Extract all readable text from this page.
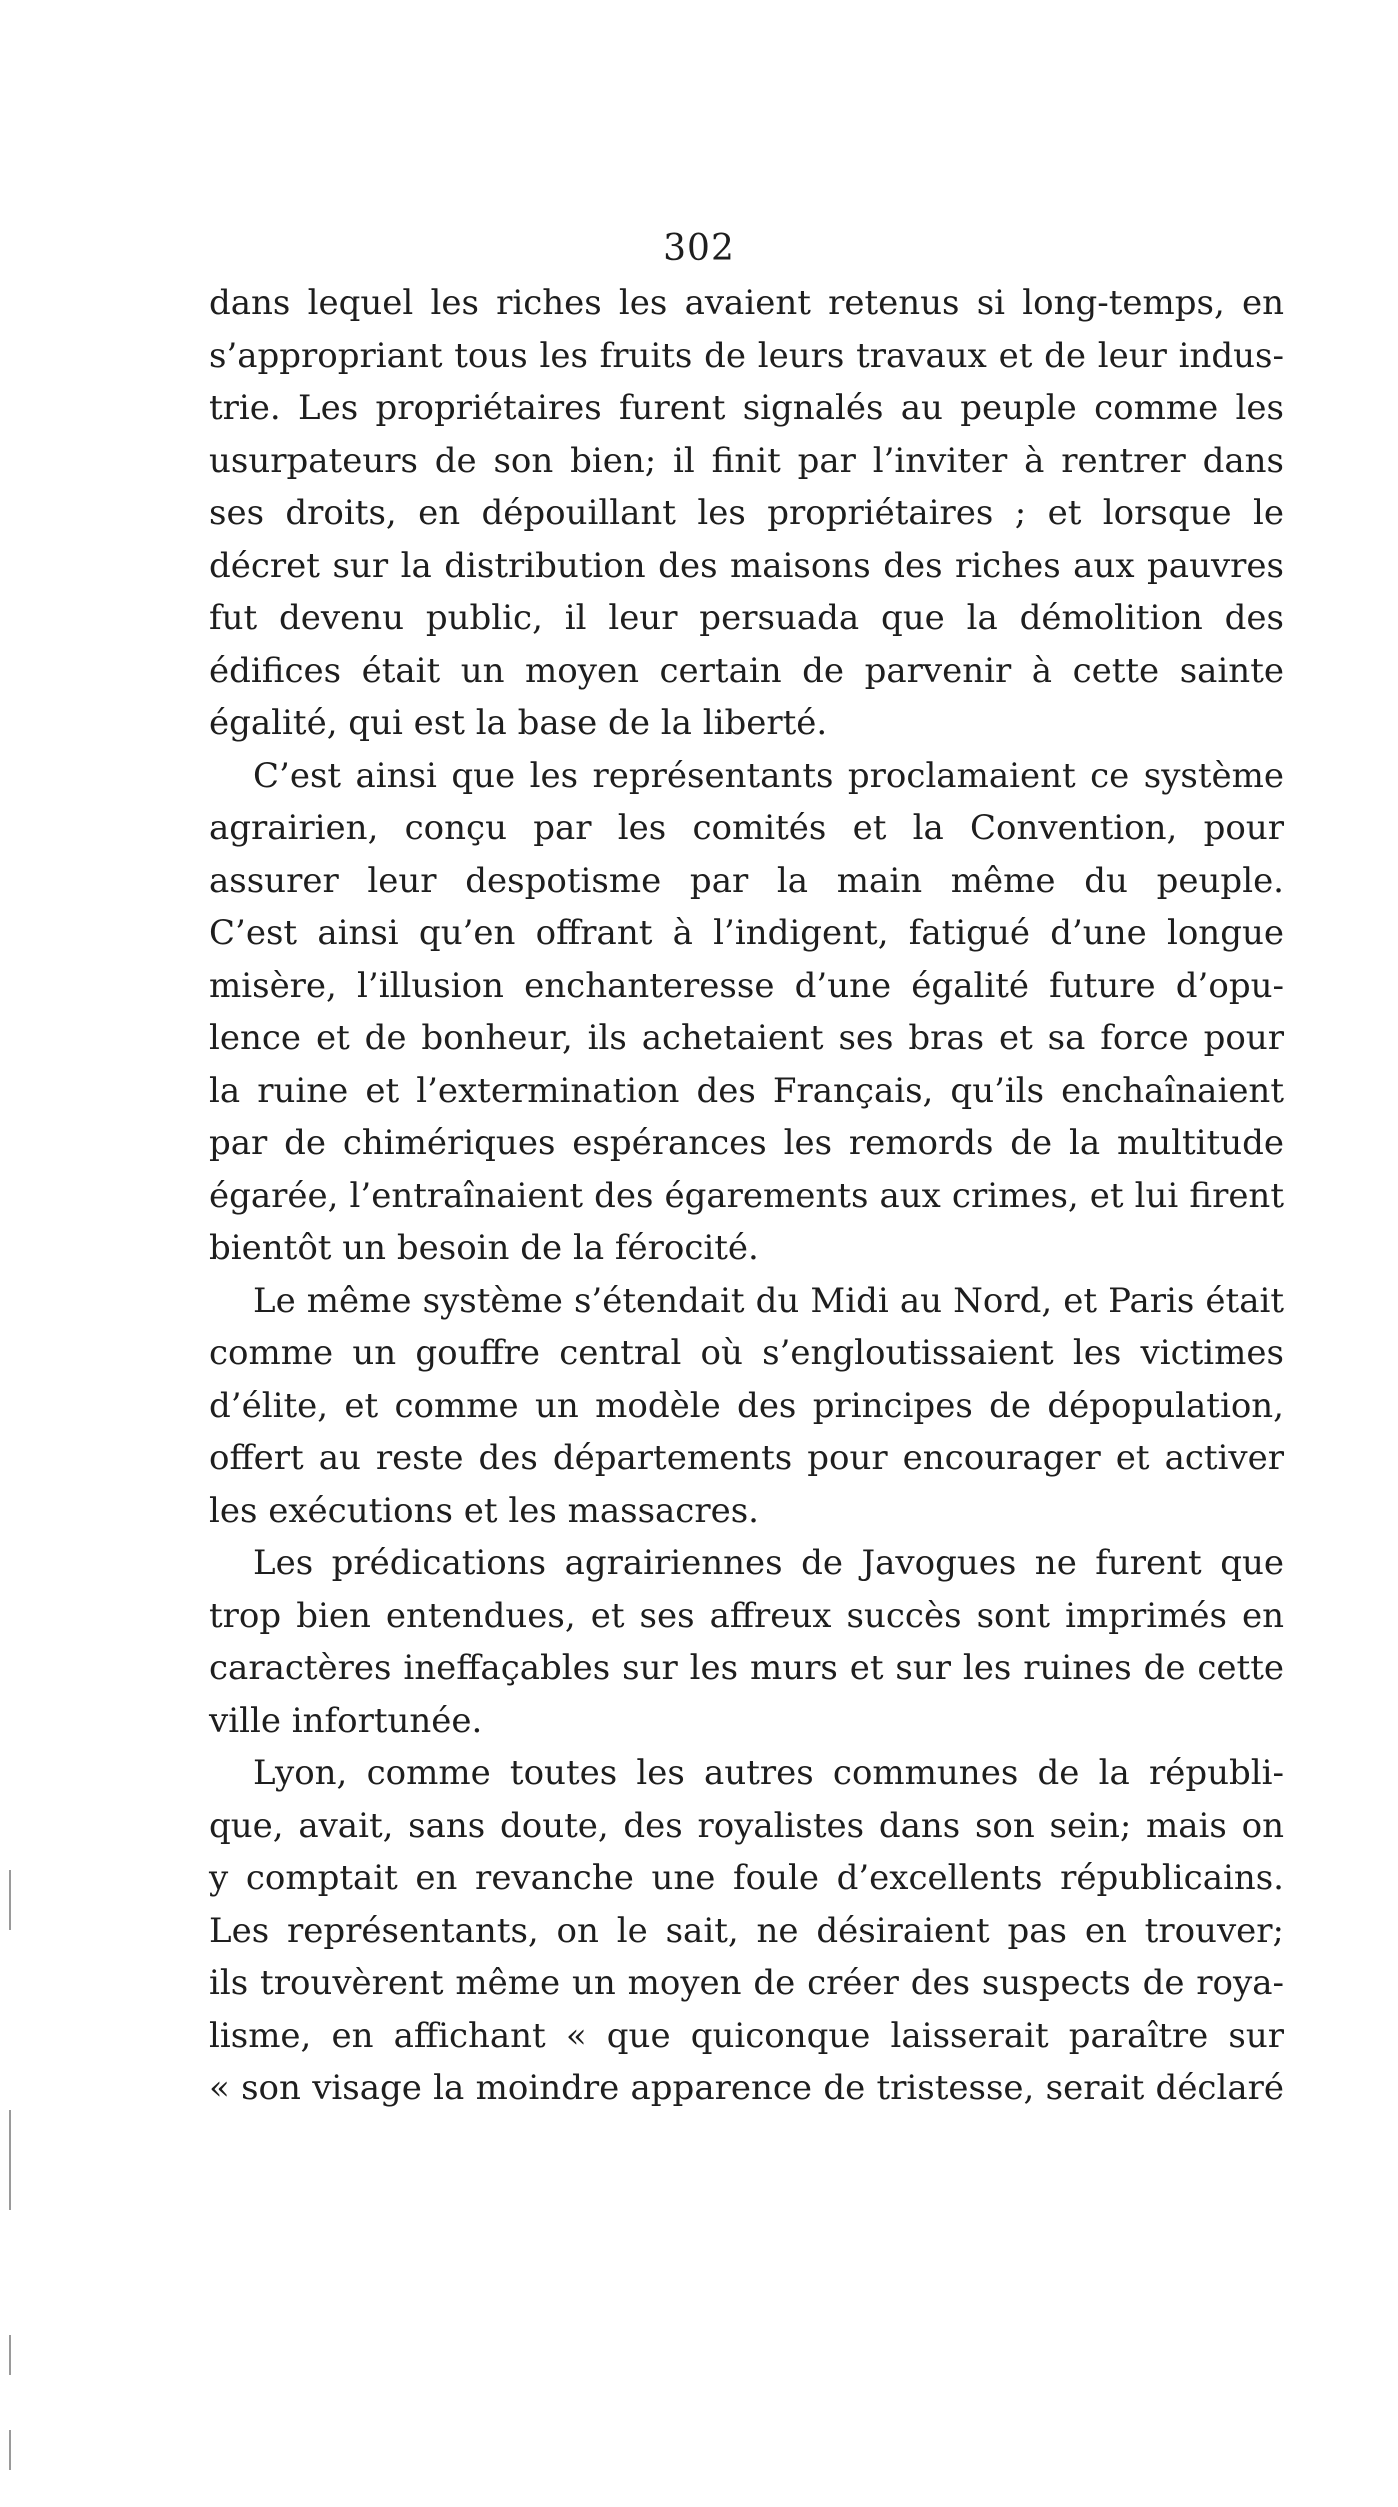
302
dans lequel les riches les avaient retenus si long-temps, en
s’appropriant tous les fruits de leurs travaux et de leur indus-
trie. Les propriétaires furent signalés au peuple comme les
usurpateurs de son bien; il finit par l’inviter à rentrer dans
ses droits, en dépouillant les propriétaires ; et lorsque le
décret sur la distribution des maisons des riches aux pauvres
fut devenu public, il leur persuada que la démolition des
édifices était un moyen certain de parvenir à cette sainte
égalité, qui est la base de la liberté.
C’est ainsi que les représentants proclamaient ce système
agrairien, conçu par les comités et la Convention, pour
assurer leur despotisme par la main même du peuple.
C’est ainsi qu’en offrant à l’indigent, fatigué d’une longue
misère, l’illusion enchanteresse d’une égalité future d’opu-
lence et de bonheur, ils achetaient ses bras et sa force pour
la ruine et l’extermination des Français, qu’ils enchaînaient
par de chimériques espérances les remords de la multitude
égarée, l’entraînaient des égarements aux crimes, et lui firent
bientôt un besoin de la férocité.
Le même système s’étendait du Midi au Nord, et Paris était
comme un gouffre central où s’engloutissaient les victimes
d’élite, et comme un modèle des principes de dépopulation,
offert au reste des départements pour encourager et activer
les exécutions et les massacres.
Les prédications agrairiennes de Javogues ne furent que
trop bien entendues, et ses affreux succès sont imprimés en
caractères ineffaçables sur les murs et sur les ruines de cette
ville infortunée.
Lyon, comme toutes les autres communes de la républi-
que, avait, sans doute, des royalistes dans son sein; mais on
y comptait en revanche une foule d’excellents républicains.
Les représentants, on le sait, ne désiraient pas en trouver;
ils trouvèrent même un moyen de créer des suspects de roya-
lisme, en affichant « que quiconque laisserait paraître sur
« son visage la moindre apparence de tristesse, serait déclaré
